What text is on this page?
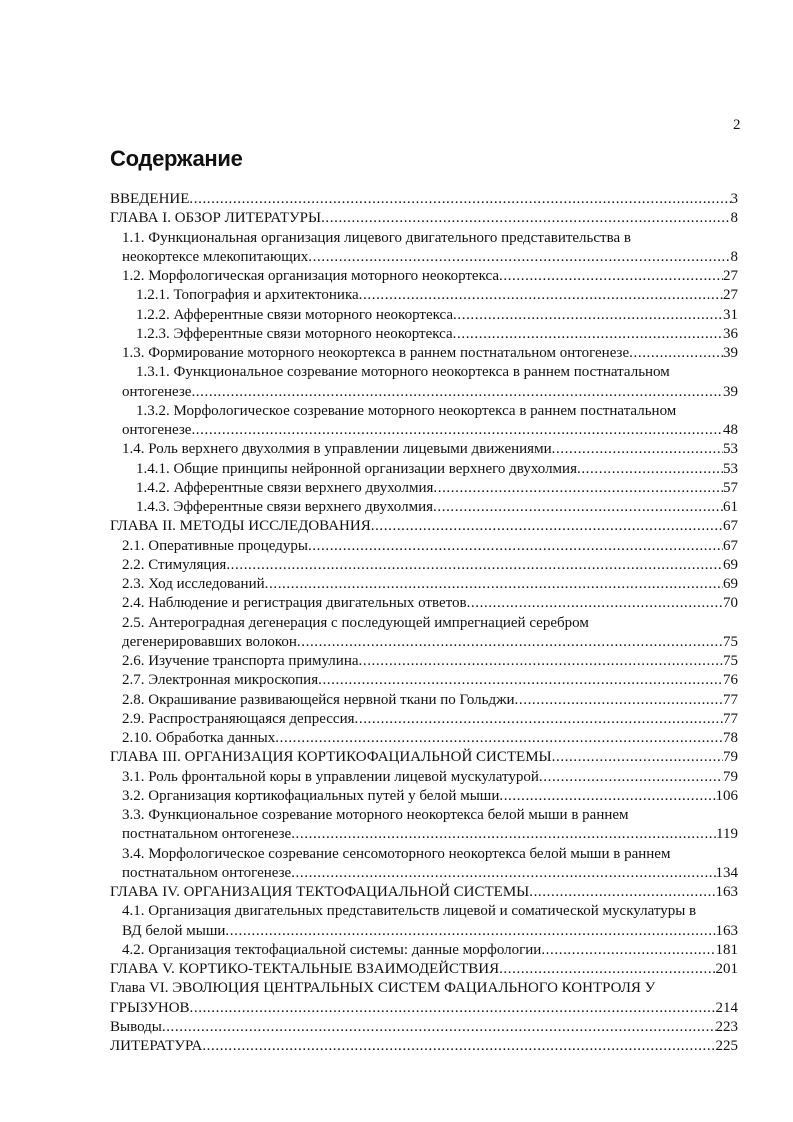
2
Содержание
ВВЕДЕНИЕ .....	3
ГЛАВА I. ОБЗОР ЛИТЕРАТУРЫ .....	8
1.1. Функциональная организация лицевого двигательного представительства в
неокортексе млекопитающих .....	8
1.2. Морфологическая организация моторного неокортекса .....	27
1.2.1. Топография и архитектоника .....	27
1.2.2. Афферентные связи моторного неокортекса .....	31
1.2.3. Эфферентные связи моторного неокортекса .....	36
1.3. Формирование моторного неокортекса в раннем постнатальном онтогенезе .....	39
1.3.1. Функциональное созревание моторного неокортекса в раннем постнатальном
онтогенезе .....	39
1.3.2. Морфологическое созревание моторного неокортекса в раннем постнатальном
онтогенезе .....	48
1.4. Роль верхнего двухолмия в управлении лицевыми движениями .....	53
1.4.1. Общие принципы нейронной организации верхнего двухолмия .....	53
1.4.2. Афферентные связи верхнего двухолмия .....	57
1.4.3. Эфферентные связи верхнего двухолмия .....	61
ГЛАВА II. МЕТОДЫ ИССЛЕДОВАНИЯ .....	67
2.1. Оперативные процедуры .....	67
2.2. Стимуляция .....	69
2.3. Ход исследований .....	69
2.4. Наблюдение и регистрация двигательных ответов .....	70
2.5. Антероградная дегенерация с последующей импрегнацией серебром
дегенерировавших волокон .....	75
2.6. Изучение транспорта примулина .....	75
2.7. Электронная микроскопия .....	76
2.8. Окрашивание развивающейся нервной ткани по Гольджи .....	77
2.9. Распространяющаяся депрессия .....	77
2.10. Обработка данных .....	78
ГЛАВА III. ОРГАНИЗАЦИЯ КОРТИКОФАЦИАЛЬНОЙ СИСТЕМЫ .....	79
3.1. Роль фронтальной коры в управлении лицевой мускулатурой .....	79
3.2. Организация кортикофациальных путей у белой мыши .....	106
3.3. Функциональное созревание моторного неокортекса белой мыши в раннем
постнатальном онтогенезе .....	119
3.4. Морфологическое созревание сенсомоторного неокортекса белой мыши в раннем
постнатальном онтогенезе .....	134
ГЛАВА IV. ОРГАНИЗАЦИЯ ТЕКТОФАЦИАЛЬНОЙ СИСТЕМЫ .....	163
4.1. Организация двигательных представительств лицевой и соматической мускулатуры в
ВД белой мыши .....	163
4.2. Организация тектофациальной системы: данные морфологии .....	181
ГЛАВА V. КОРТИКО-ТЕКТАЛЬНЫЕ ВЗАИМОДЕЙСТВИЯ .....	201
Глава VI. ЭВОЛЮЦИЯ ЦЕНТРАЛЬНЫХ СИСТЕМ ФАЦИАЛЬНОГО КОНТРОЛЯ У
ГРЫЗУНОВ .....	214
Выводы .....	223
ЛИТЕРАТУРА .....	225
